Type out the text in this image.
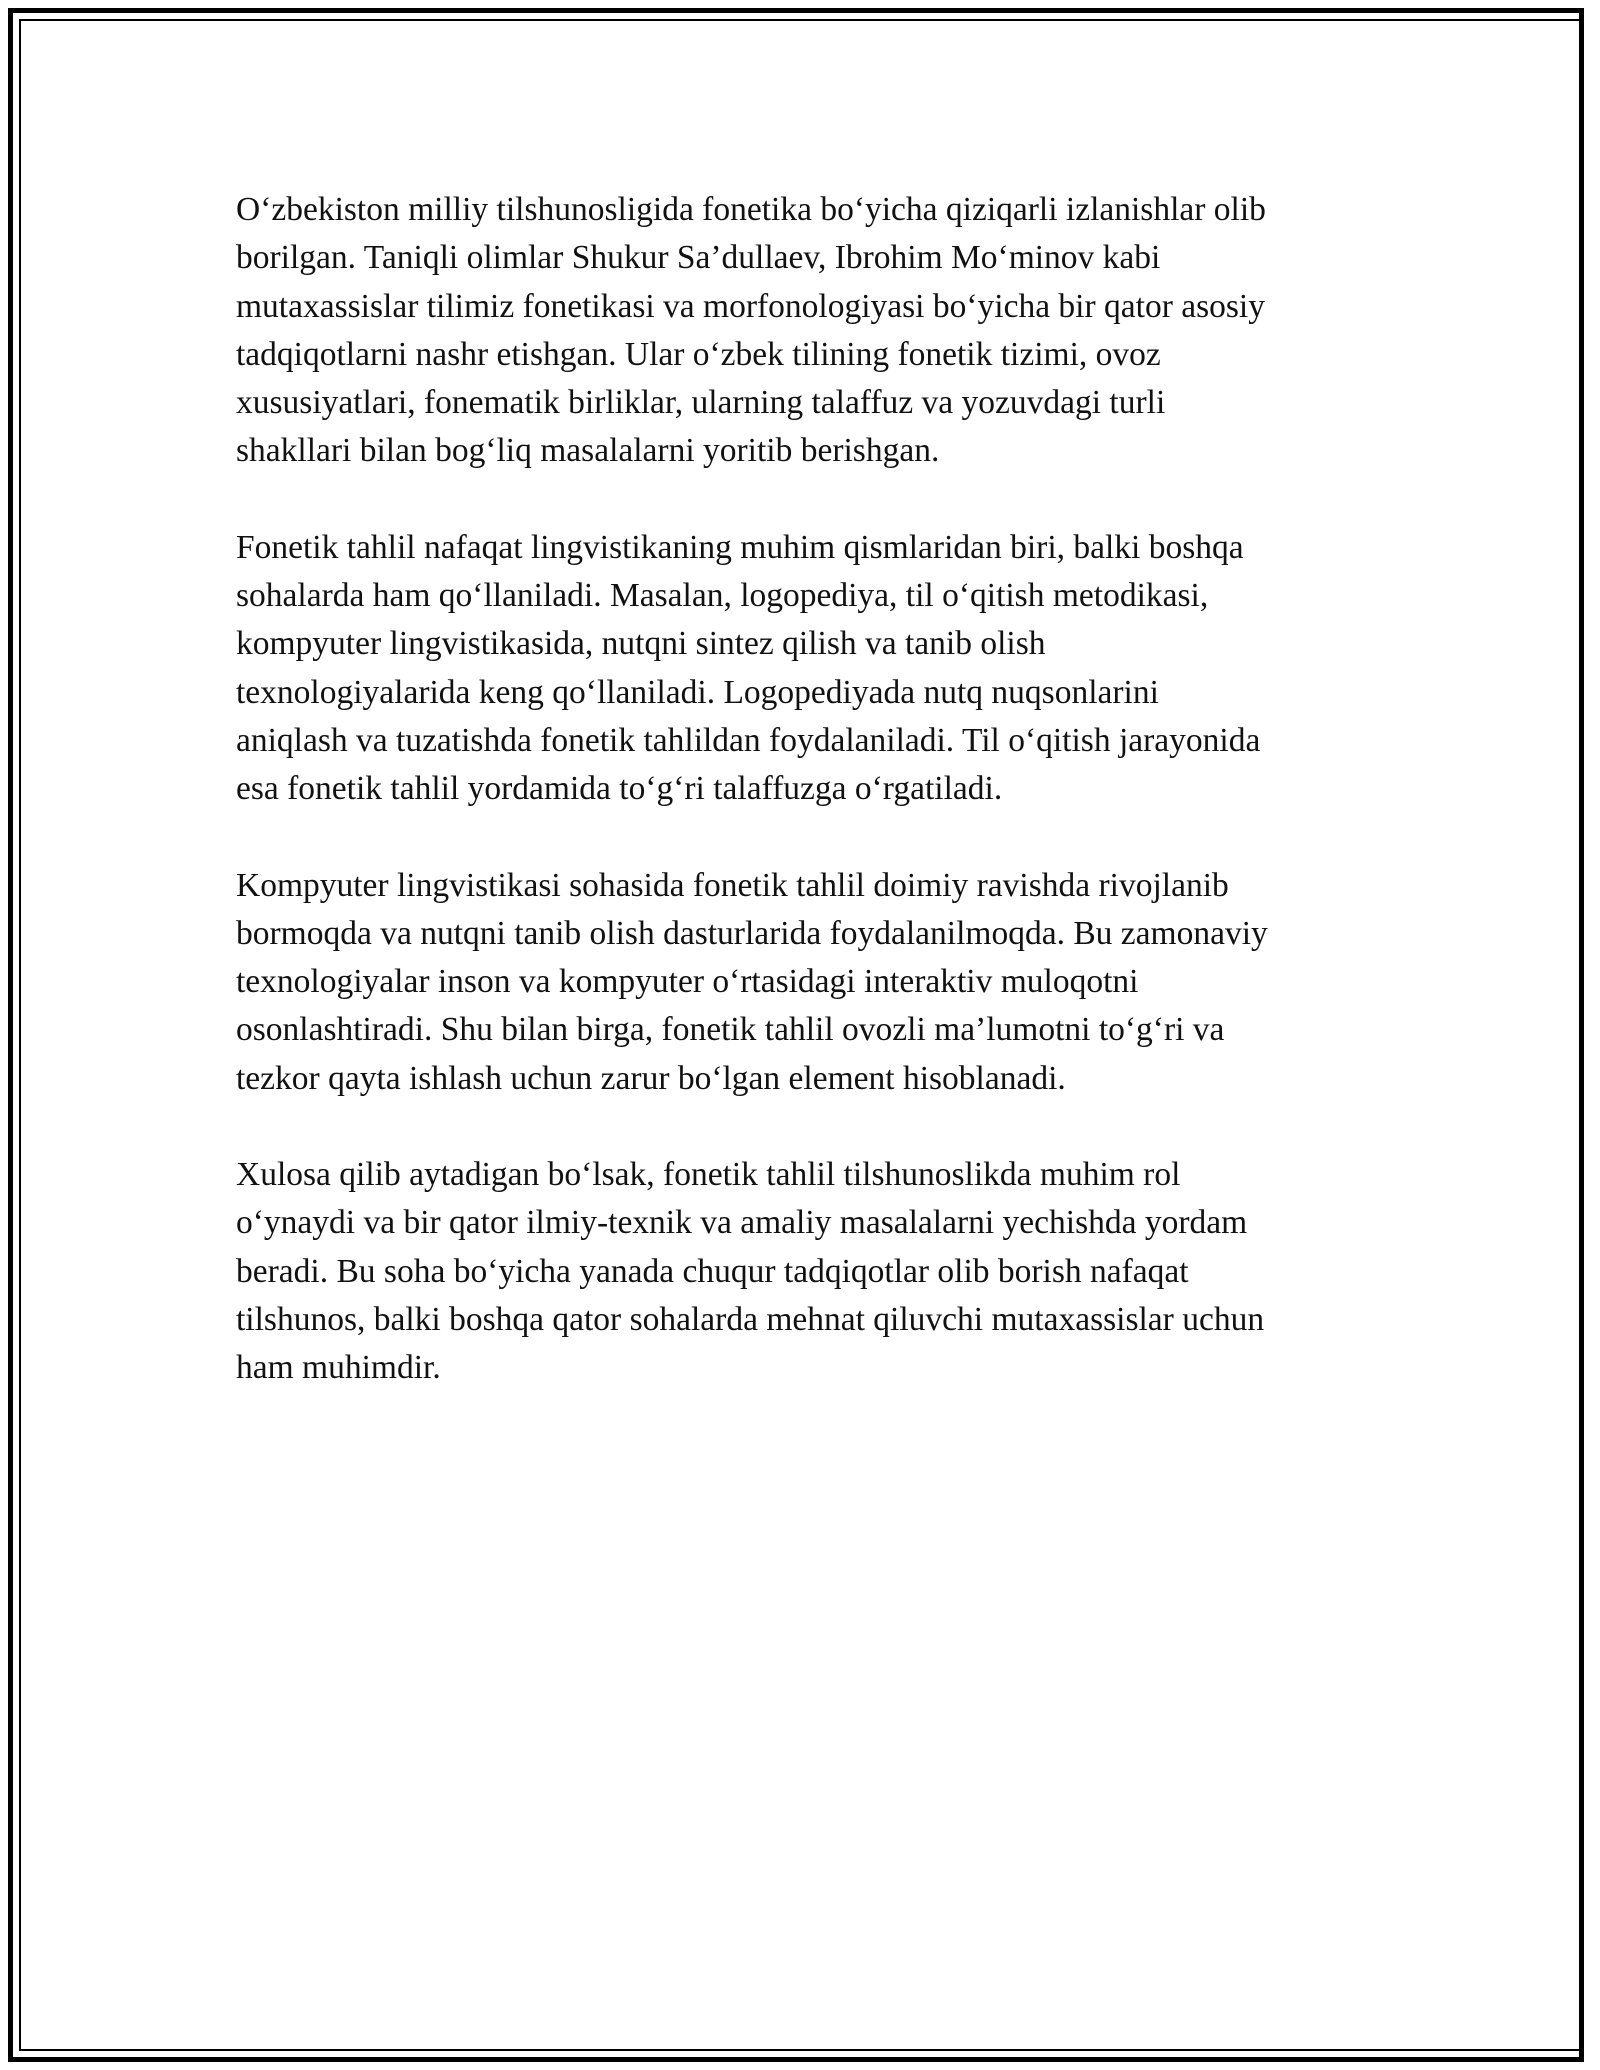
O‘zbekiston milliy tilshunosligida fonetika bo‘yicha qiziqarli izlanishlar olib
borilgan. Taniqli olimlar Shukur Sa’dullaev, Ibrohim Mo‘minov kabi
mutaxassislar tilimiz fonetikasi va morfonologiyasi bo‘yicha bir qator asosiy
tadqiqotlarni nashr etishgan. Ular o‘zbek tilining fonetik tizimi, ovoz
xususiyatlari, fonematik birliklar, ularning talaffuz va yozuvdagi turli
shakllari bilan bog‘liq masalalarni yoritib berishgan.

Fonetik tahlil nafaqat lingvistikaning muhim qismlaridan biri, balki boshqa
sohalarda ham qo‘llaniladi. Masalan, logopediya, til o‘qitish metodikasi,
kompyuter lingvistikasida, nutqni sintez qilish va tanib olish
texnologiyalarida keng qo‘llaniladi. Logopediyada nutq nuqsonlarini
aniqlash va tuzatishda fonetik tahlildan foydalaniladi. Til o‘qitish jarayonida
esa fonetik tahlil yordamida to‘g‘ri talaffuzga o‘rgatiladi.

Kompyuter lingvistikasi sohasida fonetik tahlil doimiy ravishda rivojlanib
bormoqda va nutqni tanib olish dasturlarida foydalanilmoqda. Bu zamonaviy
texnologiyalar inson va kompyuter o‘rtasidagi interaktiv muloqotni
osonlashtiradi. Shu bilan birga, fonetik tahlil ovozli ma’lumotni to‘g‘ri va
tezkor qayta ishlash uchun zarur bo‘lgan element hisoblanadi.

Xulosa qilib aytadigan bo‘lsak, fonetik tahlil tilshunoslikda muhim rol
o‘ynaydi va bir qator ilmiy-texnik va amaliy masalalarni yechishda yordam
beradi. Bu soha bo‘yicha yanada chuqur tadqiqotlar olib borish nafaqat
tilshunos, balki boshqa qator sohalarda mehnat qiluvchi mutaxassislar uchun
ham muhimdir.
